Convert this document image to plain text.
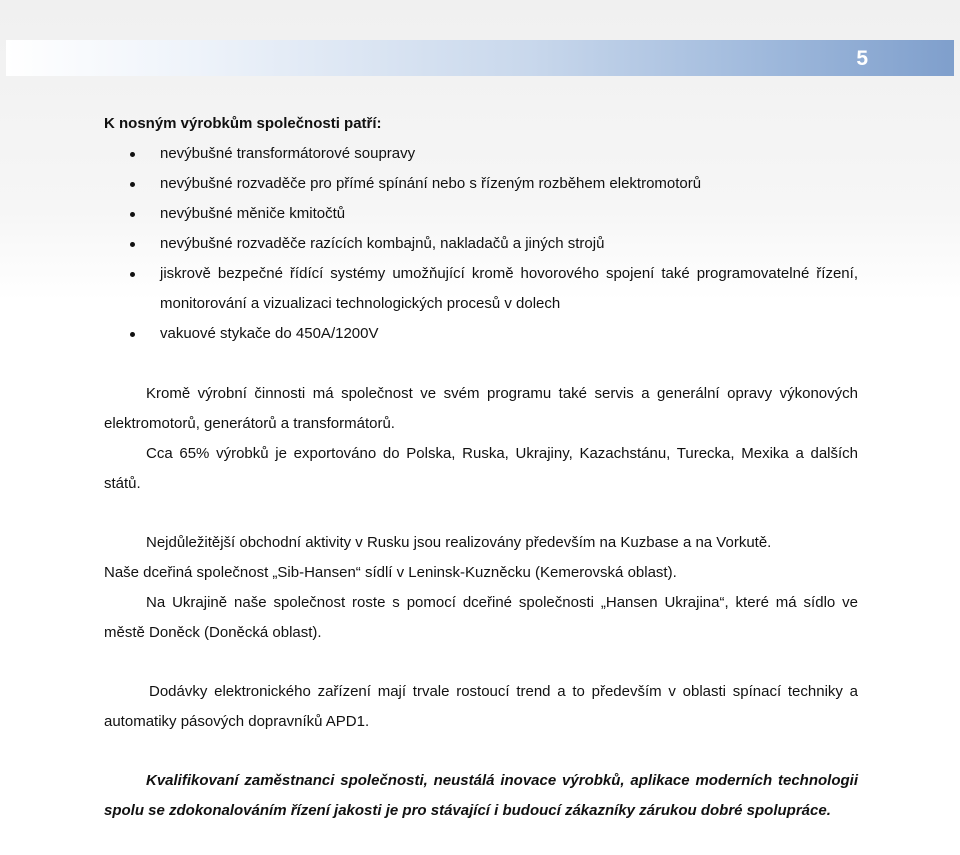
5

K nosným výrobkům společnosti patří:

nevýbušné transformátorové soupravy
nevýbušné rozvaděče pro přímé spínání nebo s řízeným rozběhem elektromotorů
nevýbušné měniče kmitočtů
nevýbušné rozvaděče razících kombajnů, nakladačů a jiných strojů
jiskrově bezpečné řídící systémy umožňující kromě hovorového spojení také programovatelné řízení, monitorování a vizualizaci technologických procesů v dolech
vakuové stykače do 450A/1200V

Kromě výrobní činnosti má společnost ve svém programu také servis a generální opravy výkonových elektromotorů, generátorů a transformátorů.

Cca 65% výrobků je exportováno do Polska, Ruska, Ukrajiny, Kazachstánu, Turecka, Mexika a dalších států.

Nejdůležitější obchodní aktivity v Rusku jsou realizovány především na Kuzbase a na Vorkutě.

Naše dceřiná společnost „Sib-Hansen“ sídlí v Leninsk-Kuzněcku (Kemerovská oblast).

Na Ukrajině naše společnost roste s pomocí dceřiné společnosti „Hansen Ukrajina“, které má sídlo ve městě Doněck (Doněcká oblast).

Dodávky elektronického zařízení mají trvale rostoucí trend a to především v oblasti spínací techniky a automatiky pásových dopravníků APD1.

Kvalifikovaní zaměstnanci společnosti, neustálá inovace výrobků, aplikace moderních technologii spolu se zdokonalováním řízení jakosti je pro stávající i budoucí zákazníky zárukou dobré spolupráce.
